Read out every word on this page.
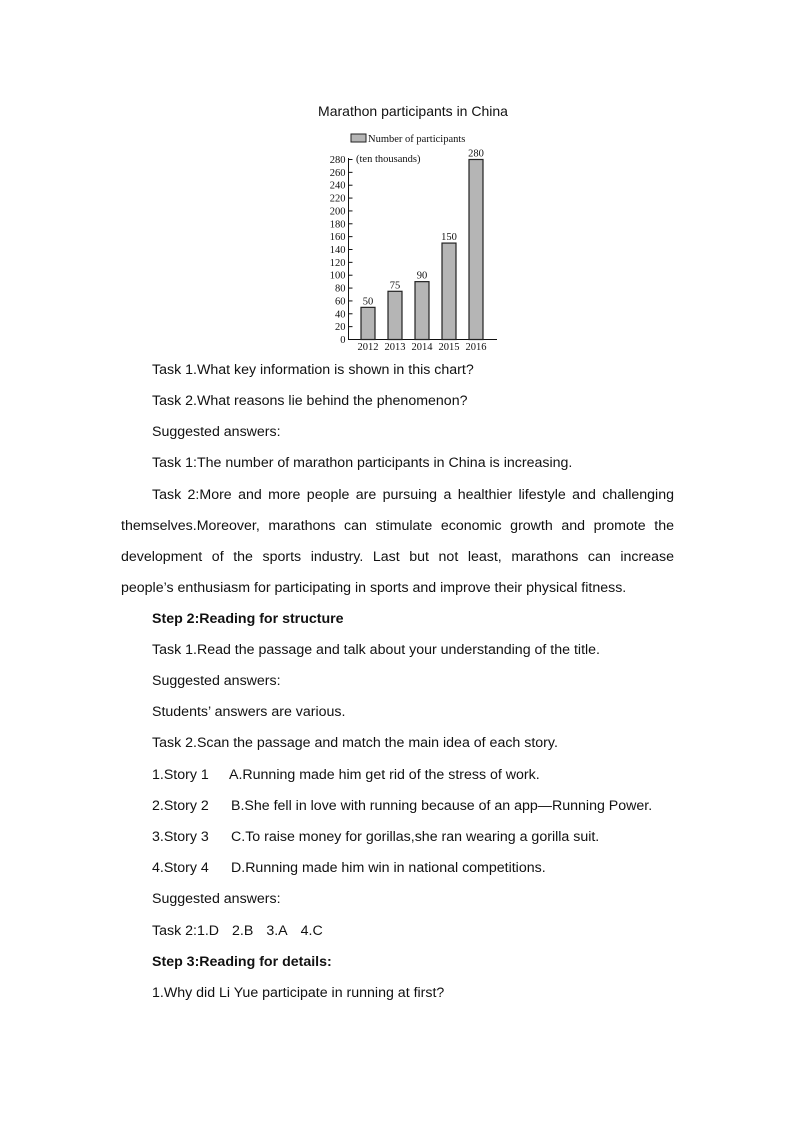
Marathon participants in China
Number of participants
(ten thousands)
0
20
40
60
80
100
120
140
160
180
200
220
240
260
280
2012 2013 2014 2015 2016
50
75
90
150
280
Task 1.What key information is shown in this chart?
Task 2.What reasons lie behind the phenomenon?
Suggested answers:
Task 1:The number of marathon participants in China is increasing.
Task 2:More and more people are pursuing a healthier lifestyle and challenging
themselves.Moreover, marathons can stimulate economic growth and promote the
development of the sports industry. Last but not least, marathons can increase
people’s enthusiasm for participating in sports and improve their physical fitness.
Step 2:Reading for structure
Task 1.Read the passage and talk about your understanding of the title.
Suggested answers:
Students’ answers are various.
Task 2.Scan the passage and match the main idea of each story.
1.Story 1 A.Running made him get rid of the stress of work.
2.Story 2 B.She fell in love with running because of an app—Running Power.
3.Story 3 C.To raise money for gorillas,she ran wearing a gorilla suit.
4.Story 4 D.Running made him win in national competitions.
Suggested answers:
Task 2:1.D 2.B 3.A 4.C
Step 3:Reading for details:
1.Why did Li Yue participate in running at first?
